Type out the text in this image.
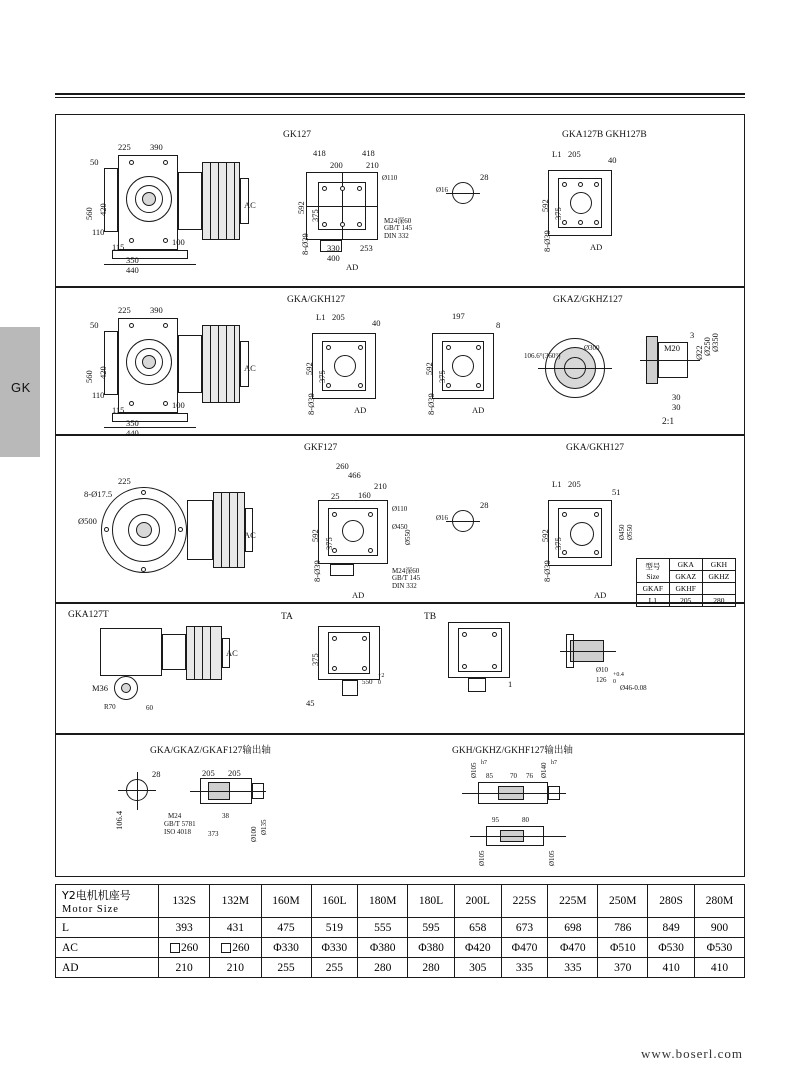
GK
GK127	GKA127B GKH127B
225 390
50
560 420	AC
110
115	100
350
440
418	418
200	210
592
375
8-Ø39 330
400
253
AD
Ø110
M24深60
GB/T 145
DIN 332
28
Ø16
L1 205
40
592
375
8-Ø39	AD
GKA/GKH127	GKAZ/GKHZ127
225 390
50
560 420	AC
110
115	100
350
440
L1 205
40
592
375
8-Ø39	AD
197
8
592
375
8-Ø39	AD
106.6°(360°)
Ø300
3
M20 Ø22
Ø250
Ø350
30
30
2:1
GKF127	GKA/GKH127
225
8-Ø17.5
Ø500
AC
260
466
210
25 160
592
375
8-Ø39
AD
Ø110
Ø450
Ø550
M24深60
GB/T 145
DIN 332
28
Ø16
L1 205
51
592
375
8-Ø39
AD
Ø450 Ø550
型号
Size	GKA	GKH
	GKAZ	GKHZ
GKAF	GKHF	
L1	205	280
GKA127T	TA	TB
AC
M36
R70	60
375
45
550
+2
0	1
Ø10
126
+0.4
0
Ø46-0.08
GKA/GKAZ/GKAF127输出轴	GKH/GKHZ/GKHF127输出轴
28
106.4
205 205
M24
GB/T 5781
ISO 4018
38
373	Ø100 Ø135
85 70 76
Ø105 h7	Ø140 h7
95	80
Ø105	Ø105
Y2电机机座号
Motor Size	132S	132M	160M	160L	180M	180L	200L	225S	225M	250M	280S	280M
L	393	431	475	519	555	595	658	673	698	786	849	900
AC	260	260	Φ330	Φ330	Φ380	Φ380	Φ420	Φ470	Φ470	Φ510	Φ530	Φ530
AD	210	210	255	255	280	280	305	335	335	370	410	410
www.boserl.com
